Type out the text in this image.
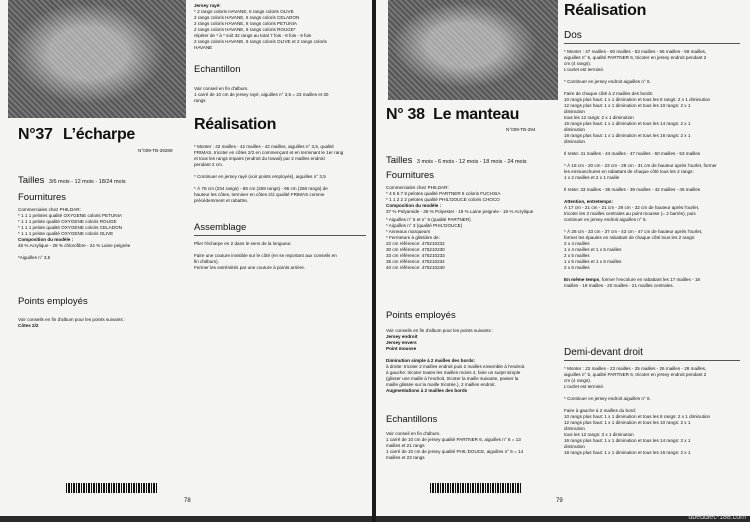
N°37 L’écharpe
N°009-TB-29289
Tailles 3/6 mois - 12 mois - 18/24 mois
Fournitures
Commerciales chez PHILDAR:
* 1 1 1 pelotes qualité OXYGENE coloris PETUNIA
* 1 1 1 pelote qualité OXYGENE coloris ROUGE
* 1 1 1 pelote qualité OXYGENE coloris CELADON
* 1 1 1 pelote qualité OXYGENE coloris OLIVE
Composition du modèle :
48 % Acrylique - 28 % chlorofibre - 24 % Laine peignée
*Aiguilles n° 3,5
Points employés
Voir conseils en fin d'album pour les points suivants :
Côtes 2/2
Jersey rayé:
* 2 rangs coloris HAVANE, 6 rangs coloris OLIVE
2 rangs coloris HAVANE, 6 rangs coloris CELADON
2 rangs coloris HAVANE, 6 rangs coloris PETUNIA
2 rangs coloris HAVANE, 6 rangs coloris ROUGE*
répéter de * à * soit 32 rangs au total 7 fois - 8 fois - 9 fois
2 rangs coloris HAVANE, 6 rangs coloris OLIVE et 2 rangs coloris
HAVANE
Echantillon
Voir conseil en fin d'album.
1 carré de 10 cm de jersey rayé, aiguilles n° 3,5 = 23 mailles et 30
rangs
Réalisation
* Monter : 42 mailles - 42 mailles - 42 mailles, aiguilles n° 3,5, qualité
FRIMAS, tricoter en côtes 2/2 en commençant et en terminant le 1er rang
et tous les rangs impairs (endroit du travail) par 2 mailles endroit
pendant 2 cm.

* Continuer en jersey rayé (voir points employés), aiguilles n° 3,5

* À 78 cm (234 rangs) - 86 cm (258 rangs) - 96 cm (258 rangs) de
hauteur les côtes, terminer en côtes 2/2 qualité FRIMAS comme
précédemment et rabattre.
Assemblage
Plier l'écharpe en 2 dans le sens de la longueur.

Faire une couture invisible sur le côté (en se reportant aux conseils en
fin d'album).
Fermer les extrémités par une couture à points arrière.
78
N° 38 Le manteau
N°009-TB-294
Tailles 3 mois - 6 mois - 12 mois - 18 mois - 24 mois
Fournitures
Commerciales chez PHILDAR:
* 4 5 6 7 8 pelotes qualité PARTNER 6 coloris FUCHSIA
* 1 1 2 2 2 pelotes qualité PHIL'DOUCE coloris CHOCO
Composition du modèle :
37 % Polyamide - 35 % Polyester - 19 % Laine peignée - 19 % Acrylique
* Aiguilles n° 5 et n° 6 (qualité PARTNER)
* Aiguilles n° 3 (qualité PHIL'DOUCE)
* Anneaux marqueurs
* Fermeture à glissière de:
22 cm référence: 475210232
30 cm référence: 475210230
33 cm référence: 475210233
35 cm référence: 475210234
40 cm référence: 475210240
Points employés
Voir conseils en fin d'album pour les points suivants :
Jersey endroit
Jersey envers
Point mousse

Diminution simple à 2 mailles des bords:
à droite: tricoter 2 mailles endroit puis 2 mailles ensemble à l'endroit.
à gauche: tricoter toutes les mailles moins 4, faire un surjet simple
(glisser une maille à l'endroit, tricoter la maille suivante, passer la
maille glissée sur la maille tricotée.), 2 mailles endroit.
Augmentations à 2 mailles des bords
Echantillons
Voir conseil en fin d'album.
1 carré de 10 cm de jersey qualité PARTNER 6, aiguilles n° 6 = 13
mailles et 21 rangs
1 carré de 10 cm de jersey qualité PHIL'DOUCE, aiguilles n° 5 = 14
mailles et 23 rangs
Réalisation
Dos
* Monter : 47 mailles - 50 mailles - 53 mailles - 56 mailles - 59 mailles,
aiguilles n° 5, qualité PARTNER 6, tricoter en jersey endroit pendant 2
cm (4 rangs).
L'ourlet est terminé.

* Continuer en jersey endroit aiguilles n° 6.

Faire de chaque côté à 2 mailles des bords:
10 rangs plus haut: 1 x 1 diminution et tous les 8 rangs: 2 x 1 diminution
12 rangs plus haut: 1 x 1 diminution et tous les 10 rangs: 2 x 1
diminution
tous les 12 rangs: 2 x 1 diminution
16 rangs plus haut: 1 x 1 diminution et tous les 14 rangs: 2 x 1
diminution
18 rangs plus haut: 1 x 1 diminution et tous les 16 rangs: 2 x 1
diminution

Il reste: 41 mailles - 44 mailles - 47 mailles - 50 mailles - 53 mailles

* À 18 cm - 20 cm - 23 cm - 28 cm - 31 cm de hauteur après l'ourlet, former
les emmanchures en rabattant de chaque côté tous les 2 rangs:
1 x 2 mailles et 2 x 1 maille

Il reste: 33 mailles - 36 mailles - 39 mailles - 42 mailles - 45 mailles

Attention, entretemps:
À 17 cm - 21 cm - 21 cm - 29 cm - 32 cm de hauteur après l'ourlet,
tricoter les 2 mailles centrales au point mousse (= 2 barrés), puis
continuer en jersey endroit aiguilles n° 6.

* À 28 cm - 33 cm - 37 cm - 43 cm - 47 cm de hauteur après l'ourlet,
former les épaules en rabattant de chaque côté tous les 2 rangs:
2 x 4 mailles
1 x 4 mailles et 1 x 5 mailles
2 x 5 mailles
1 x 5 mailles et 1 x 6 mailles
2 x 6 mailles

En même temps, former l'encolure en rabattant les 17 mailles - 18
mailles - 19 mailles - 20 mailles - 21 mailles centrales.
Demi-devant droit
* Monter : 22 mailles - 23 mailles - 25 mailles - 26 mailles - 28 mailles,
aiguilles n° 5, qualité PARTNER 6, tricoter en jersey endroit pendant 2
cm (4 rangs).
L'ourlet est terminé.

* Continuer en jersey endroit aiguilles n° 6.

Faire à gauche à 2 mailles du bord:
10 rangs plus haut: 1 x 1 diminution et tous les 8 rangs: 2 x 1 diminution
12 rangs plus haut: 1 x 1 diminution et tous les 10 rangs: 2 x 1
diminution
tous les 12 rangs: 3 x 1 diminution
16 rangs plus haut: 1 x 1 diminution et tous les 14 rangs: 2 x 1
diminution
18 rangs plus haut: 1 x 1 diminution et tous les 16 rangs: 2 x 1
79
ubeddlec-188.com
